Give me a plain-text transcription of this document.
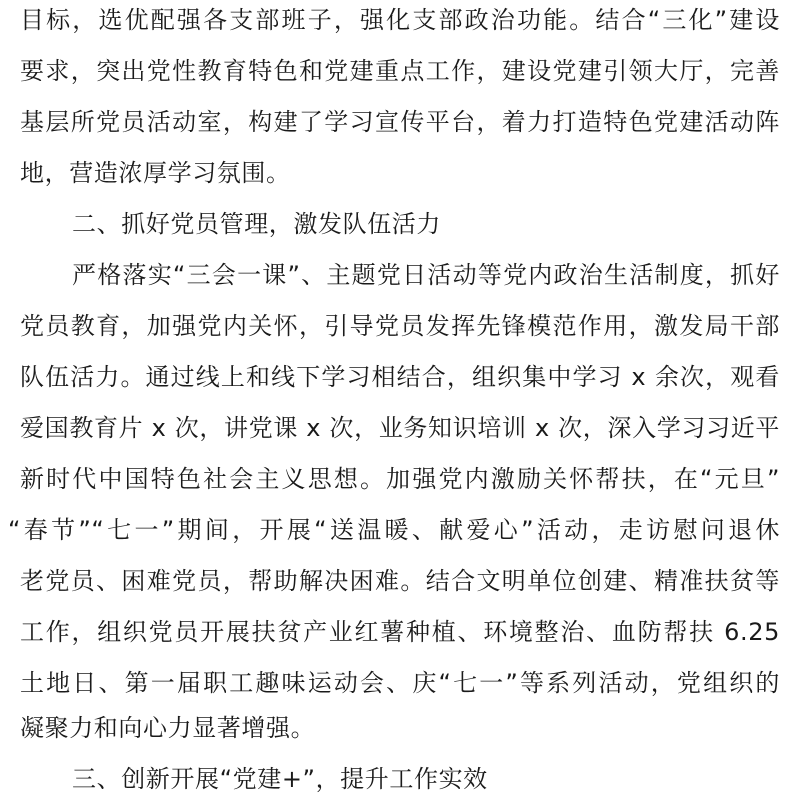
目标，选优配强各支部班子，强化支部政治功能。结合“三化”建设
要求，突出党性教育特色和党建重点工作，建设党建引领大厅，完善
基层所党员活动室，构建了学习宣传平台，着力打造特色党建活动阵
地，营造浓厚学习氛围。
二、抓好党员管理，激发队伍活力
严格落实“三会一课”、主题党日活动等党内政治生活制度，抓好
党员教育，加强党内关怀，引导党员发挥先锋模范作用，激发局干部
队伍活力。通过线上和线下学习相结合，组织集中学习 x 余次，观看
爱国教育片 x 次，讲党课 x 次，业务知识培训 x 次，深入学习习近平
新时代中国特色社会主义思想。加强党内激励关怀帮扶，在“元旦”
“春节”“七一”期间，开展“送温暖、献爱心”活动，走访慰问退休
老党员、困难党员，帮助解决困难。结合文明单位创建、精准扶贫等
工作，组织党员开展扶贫产业红薯种植、环境整治、血防帮扶 6.25
土地日、第一届职工趣味运动会、庆“七一”等系列活动，党组织的
凝聚力和向心力显著增强。
三、创新开展“党建+”，提升工作实效
